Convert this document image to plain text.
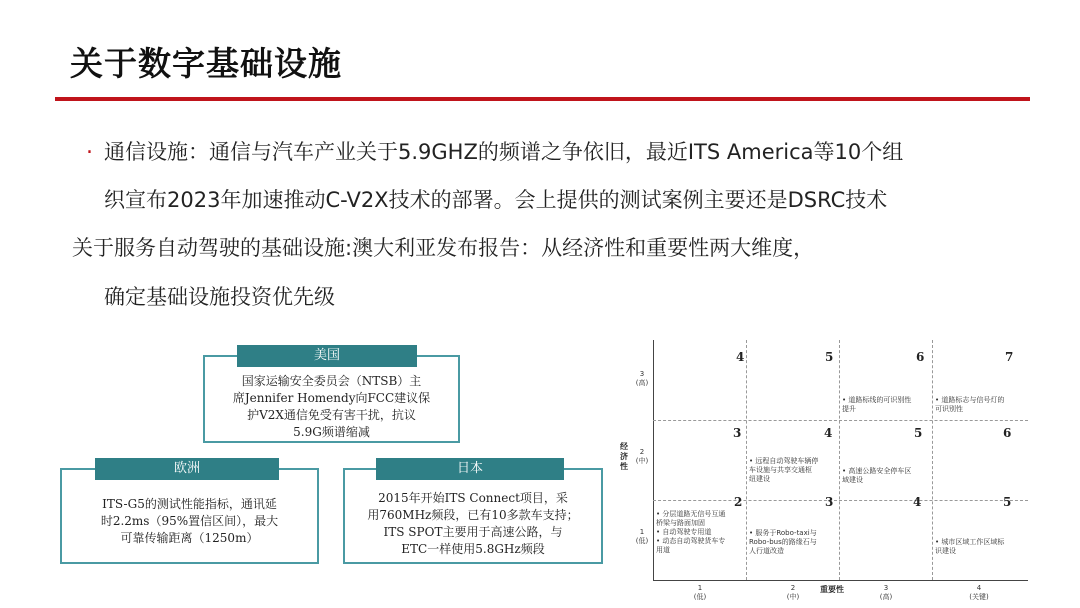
关于数字基础设施
. 通信设施：通信与汽车产业关于5.9GHZ的频谱之争依旧，最近ITS America等10个组
织宣布2023年加速推动C-V2X技术的部署。会上提供的测试案例主要还是DSRC技术
关于服务自动驾驶的基础设施:澳大利亚发布报告：从经济性和重要性两大维度，
确定基础设施投资优先级
国家运输安全委员会（NTSB）主
席Jennifer Homendy向FCC建议保
护V2X通信免受有害干扰，抗议
5.9G频谱缩减
美国
ITS-G5的测试性能指标，通讯延
时2.2ms（95%置信区间），最大
可靠传输距离（1250m）
欧洲
2015年开始ITS Connect项目，采
用760MHz频段，已有10多款车支持；
ITS SPOT主要用于高速公路，与
ETC一样使用5.8GHz频段
日本
经
济
性
3
(高)
2
(中)
1
(低)
1
(低)
2
(中)
3
(高)
4
(关键)
重要性
4	5	6	7
3	4	5	6
2	3	4	5
• 道路标线的可识别性
提升
• 道路标志与信号灯的
可识别性
• 远程自动驾驶车辆停
车设施与共享交通枢
纽建设
• 高速公路安全停车区
域建设
• 分层道路无信号互通
桥梁与路面加固
• 自动驾驶专用道
• 动态自动驾驶货车专
用道
• 服务于Robo-taxi与
Robo-bus的路缘石与
人行道改造
• 城市区域工作区域标
识建设
